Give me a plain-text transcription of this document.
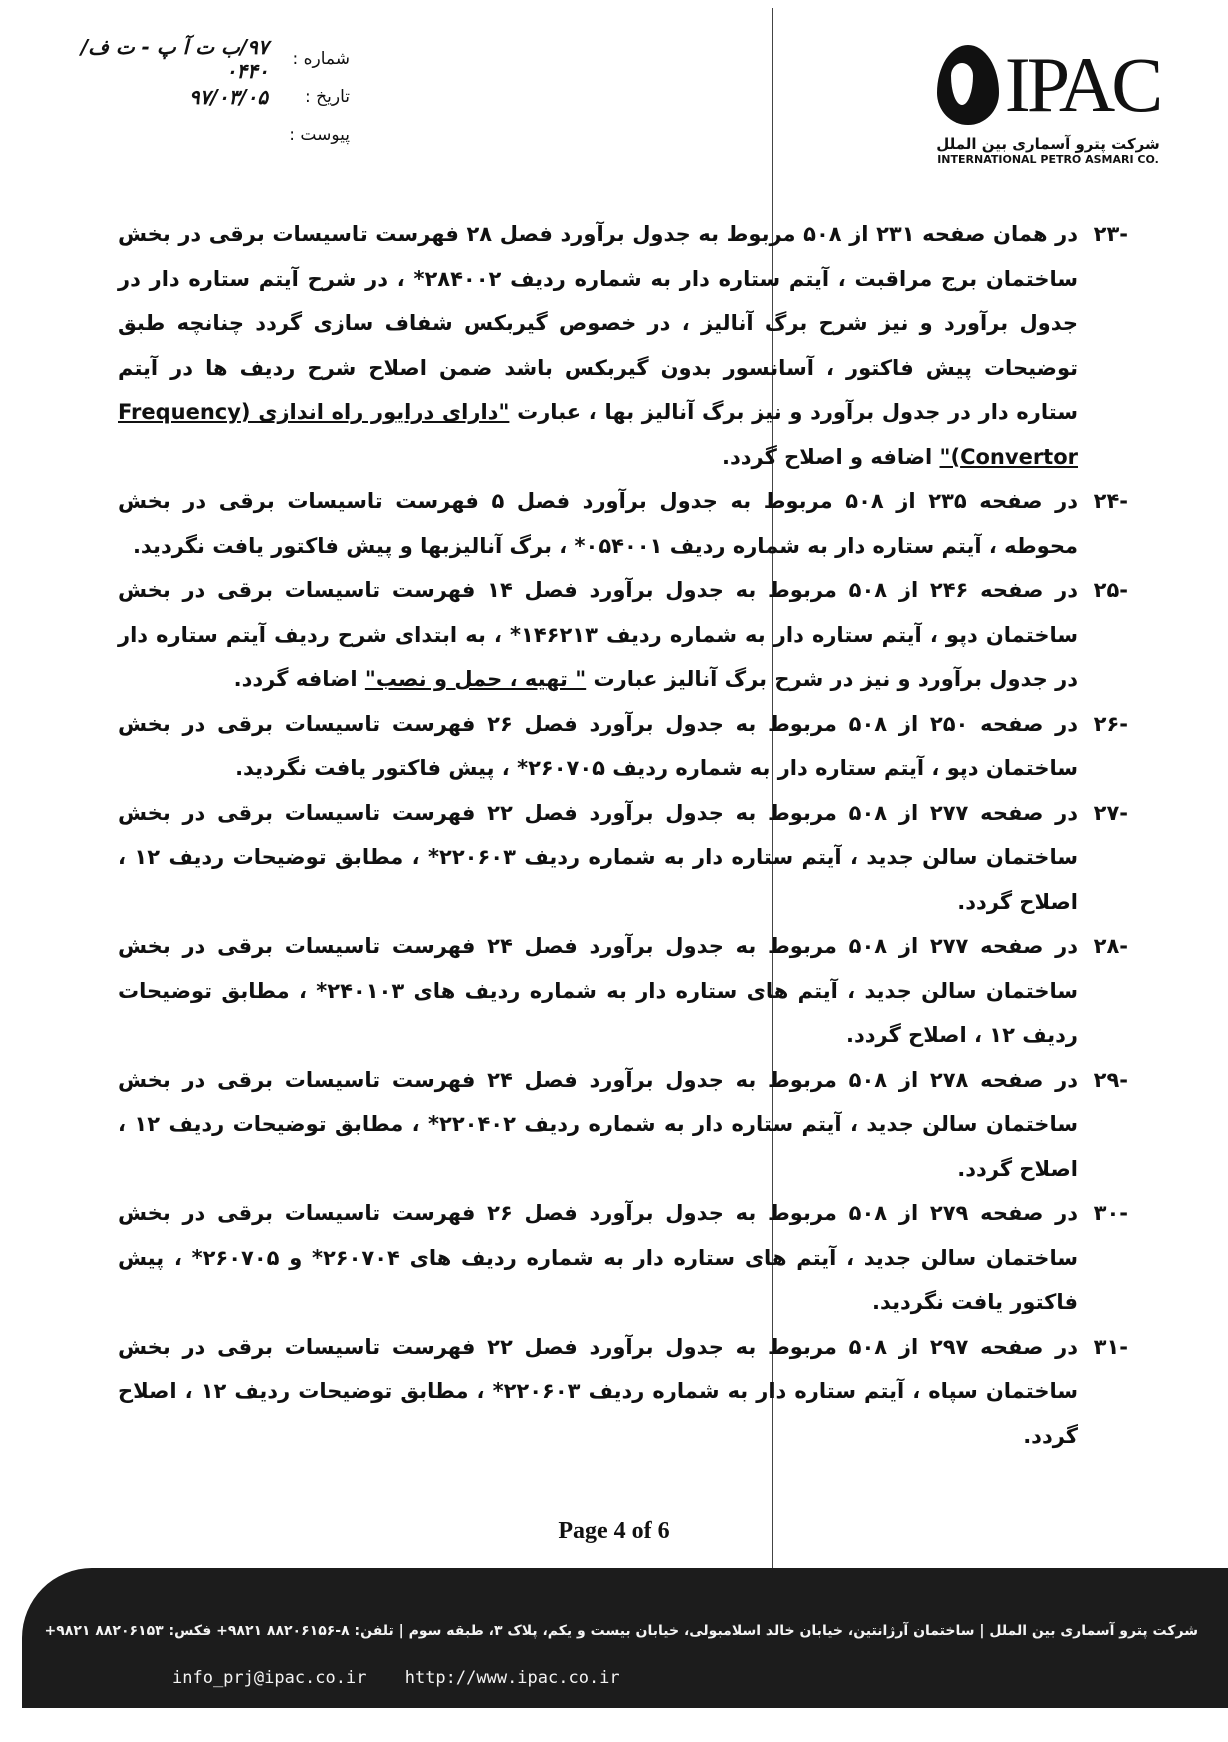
IPAC
شرکت پترو آسماری بین الملل
INTERNATIONAL PETRO ASMARI CO.
شماره :
۹۷/ب ت آ پ - ت ف/۰۴۴۰
تاریخ :
۹۷/۰۳/۰۵
پیوست :
-۲۳
در همان صفحه ۲۳۱ از ۵۰۸ مربوط به جدول برآورد فصل ۲۸ فهرست تاسیسات برقی در بخش ساختمان برج مراقبت ، آیتم ستاره دار به شماره ردیف ۲۸۴۰۰۲* ، در شرح آیتم ستاره دار در جدول برآورد و نیز شرح برگ آنالیز ، در خصوص گیربکس شفاف سازی گردد چنانچه طبق توضیحات پیش فاکتور ، آسانسور بدون گیربکس باشد ضمن اصلاح شرح ردیف ها در آیتم ستاره دار در جدول برآورد و نیز برگ آنالیز بها ، عبارت "دارای درایور راه اندازی (Frequency Convertor)" اضافه و اصلاح گردد.
-۲۴
در صفحه ۲۳۵ از ۵۰۸ مربوط به جدول برآورد فصل ۵ فهرست تاسیسات برقی در بخش محوطه ، آیتم ستاره دار به شماره ردیف ۰۵۴۰۰۱* ، برگ آنالیزبها و پیش فاکتور یافت نگردید.
-۲۵
در صفحه ۲۴۶ از ۵۰۸ مربوط به جدول برآورد فصل ۱۴ فهرست تاسیسات برقی در بخش ساختمان دپو ، آیتم ستاره دار به شماره ردیف ۱۴۶۲۱۳* ، به ابتدای شرح ردیف آیتم ستاره دار در جدول برآورد و نیز در شرح برگ آنالیز عبارت " تهیه ، حمل و نصب" اضافه گردد.
-۲۶
در صفحه ۲۵۰ از ۵۰۸ مربوط به جدول برآورد فصل ۲۶ فهرست تاسیسات برقی در بخش ساختمان دپو ، آیتم ستاره دار به شماره ردیف ۲۶۰۷۰۵* ، پیش فاکتور یافت نگردید.
-۲۷
در صفحه ۲۷۷ از ۵۰۸ مربوط به جدول برآورد فصل ۲۲ فهرست تاسیسات برقی در بخش ساختمان سالن جدید ، آیتم ستاره دار به شماره ردیف ۲۲۰۶۰۳* ، مطابق توضیحات ردیف ۱۲ ، اصلاح گردد.
-۲۸
در صفحه ۲۷۷ از ۵۰۸ مربوط به جدول برآورد فصل ۲۴ فهرست تاسیسات برقی در بخش ساختمان سالن جدید ، آیتم های ستاره دار به شماره ردیف های ۲۴۰۱۰۳* ، مطابق توضیحات ردیف ۱۲ ، اصلاح گردد.
-۲۹
در صفحه ۲۷۸ از ۵۰۸ مربوط به جدول برآورد فصل ۲۴ فهرست تاسیسات برقی در بخش ساختمان سالن جدید ، آیتم ستاره دار به شماره ردیف ۲۲۰۴۰۲* ، مطابق توضیحات ردیف ۱۲ ، اصلاح گردد.
-۳۰
در صفحه ۲۷۹ از ۵۰۸ مربوط به جدول برآورد فصل ۲۶ فهرست تاسیسات برقی در بخش ساختمان سالن جدید ، آیتم های ستاره دار به شماره ردیف های ۲۶۰۷۰۴* و ۲۶۰۷۰۵* ، پیش فاکتور یافت نگردید.
-۳۱
در صفحه ۲۹۷ از ۵۰۸ مربوط به جدول برآورد فصل ۲۲ فهرست تاسیسات برقی در بخش ساختمان سپاه ، آیتم ستاره دار به شماره ردیف ۲۲۰۶۰۳* ، مطابق توضیحات ردیف ۱۲ ، اصلاح گردد.
Page 4 of 6
شرکت پترو آسماری بین الملل | ساختمان آرژانتین، خیابان خالد اسلامبولی، خیابان بیست و یکم، پلاک ۳، طبقه سوم | تلفن: ۸-۸۸۲۰۶۱۵۶ ۹۸۲۱+ فکس: ۸۸۲۰۶۱۵۳ ۹۸۲۱+
info_prj@ipac.co.ir http://www.ipac.co.ir
